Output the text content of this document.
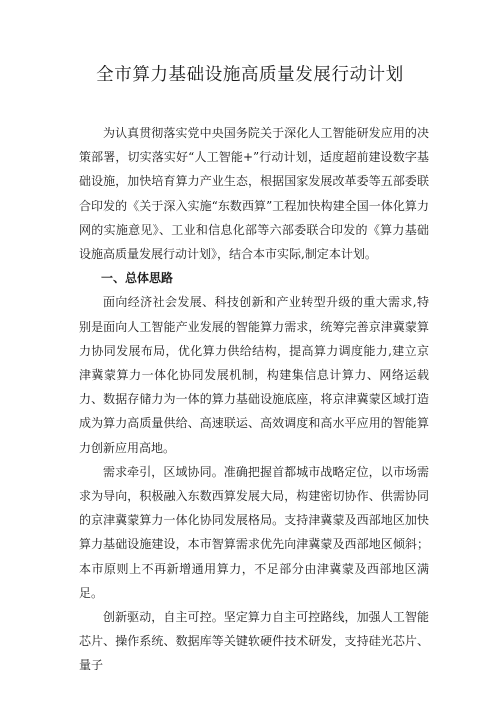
全市算力基础设施高质量发展行动计划

为认真贯彻落实党中央国务院关于深化人工智能研发应用的决策部署，切实落实好“人工智能+”行动计划，适度超前建设数字基础设施，加快培育算力产业生态，根据国家发展改革委等五部委联合印发的《关于深入实施“东数西算”工程加快构建全国一体化算力网的实施意见》、工业和信息化部等六部委联合印发的《算力基础设施高质量发展行动计划》，结合本市实际,制定本计划。

一、总体思路

面向经济社会发展、科技创新和产业转型升级的重大需求,特别是面向人工智能产业发展的智能算力需求，统筹完善京津冀蒙算力协同发展布局，优化算力供给结构，提高算力调度能力,建立京津冀蒙算力一体化协同发展机制，构建集信息计算力、网络运载力、数据存储力为一体的算力基础设施底座，将京津冀蒙区域打造成为算力高质量供给、高速联运、高效调度和高水平应用的智能算力创新应用高地。

需求牵引，区域协同。准确把握首都城市战略定位，以市场需求为导向，积极融入东数西算发展大局，构建密切协作、供需协同的京津冀蒙算力一体化协同发展格局。支持津冀蒙及西部地区加快算力基础设施建设，本市智算需求优先向津冀蒙及西部地区倾斜；本市原则上不再新增通用算力，不足部分由津冀蒙及西部地区满足。

创新驱动，自主可控。坚定算力自主可控路线，加强人工智能芯片、操作系统、数据库等关键软硬件技术研发，支持硅光芯片、量子
